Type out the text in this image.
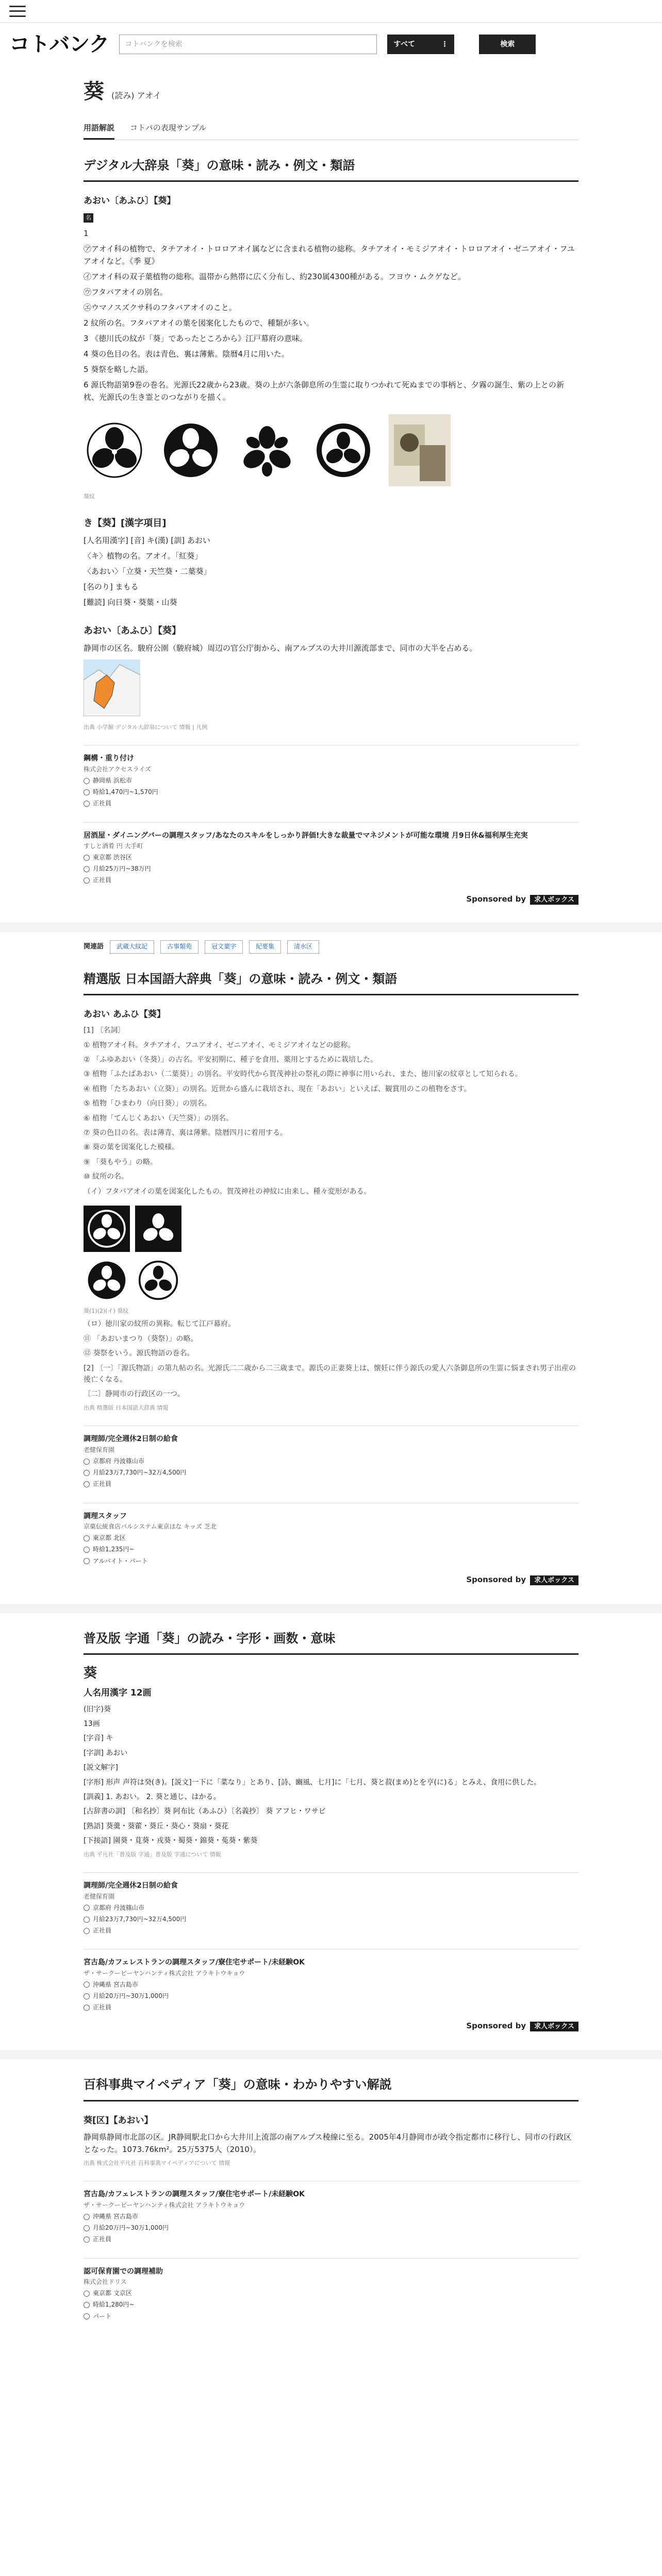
コトバンク	コトバンクを検索	すべて	⋮	検索
葵 (読み) アオイ
用語解説 コトバの表現サンプル
デジタル大辞泉「葵」の意味・読み・例文・類語
あおい〔あふひ〕【葵】
名
1
㋐アオイ科の植物で、タチアオイ・トロロアオイ属などに含まれる植物の総称。タチアオイ・モミジアオイ・トロロアオイ・ゼニアオイ・フユアオイなど。《季 夏》
㋑アオイ科の双子葉植物の総称。温帯から熱帯に広く分布し、約230属4300種がある。フヨウ・ムクゲなど。
㋒フタバアオイの別名。
㋓ウマノスズクサ科のフタバアオイのこと。
2 紋所の名。フタバアオイの葉を図案化したもので、種類が多い。
3 《徳川氏の紋が「葵」であったところから》江戸幕府の意味。
4 葵の色目の名。表は青色、裏は薄紫。陰暦4月に用いた。
5 葵祭を略した語。
6 源氏物語第9巻の巻名。光源氏22歳から23歳。葵の上が六条御息所の生霊に取りつかれて死ぬまでの事柄と、夕霧の誕生、紫の上との新枕、光源氏の生き霊とのつながりを描く。
葵紋
き【葵】[漢字項目]
[人名用漢字] [音] キ(漢) [訓] あおい
〈キ〉植物の名。アオイ。「紅葵」
〈あおい〉「立葵・天竺葵・二葉葵」
[名のり] まもる
[難読] 向日葵・葵葉・山葵
あおい〔あふひ〕【葵】
静岡市の区名。駿府公園（駿府城）周辺の官公庁街から、南アルプスの大井川源流部まで、同市の大半を占める。
出典 小学館 デジタル大辞泉について 情報 | 凡例
鋼構・重り付け
株式会社アクセスライズ
静岡県 浜松市
時給1,470円~1,570円
正社員
居酒屋・ダイニングバーの調理スタッフ/あなたのスキルをしっかり評価!大きな裁量でマネジメントが可能な環境 月9日休&福利厚生充実
すしと酒肴 円 大手町
東京都 渋谷区
月給25万円~38万円
正社員
Sponsored by 求人ボックス
関連語	武蔵大紋記	古事類苑	冠文葉字	紀要集	清水区
精選版 日本国語大辞典「葵」の意味・読み・例文・類語
あおい あふひ【葵】
[1] 〔名詞〕
① 植物アオイ科。タチアオイ、フユアオイ、ゼニアオイ、モミジアオイなどの総称。
② 「ふゆあおい（冬葵）」の古名。平安初期に、種子を食用、薬用とするために栽培した。
③ 植物「ふたばあおい（二葉葵）」の別名。平安時代から賀茂神社の祭礼の際に神事に用いられ、また、徳川家の紋章として知られる。
④ 植物「たちあおい（立葵）」の別名。近世から盛んに栽培され、現在「あおい」といえば、観賞用のこの植物をさす。
⑤ 植物「ひまわり（向日葵）」の別名。
⑥ 植物「てんじくあおい（天竺葵）」の別名。
⑦ 葵の色目の名。表は薄青、裏は薄紫。陰暦四月に着用する。
⑧ 葵の葉を図案化した模様。
⑨ 「葵もやう」の略。
⑩ 紋所の名。
（イ）フタバアオイの葉を図案化したもの。賀茂神社の神紋に由来し、種々変形がある。
葵(1)(2)(イ) 葵紋
（ロ）徳川家の紋所の異称。転じて江戸幕府。
⑪ 「あおいまつり（葵祭）」の略。
⑫ 葵祭をいう。源氏物語の巻名。
[2] 〔一〕「源氏物語」の第九帖の名。光源氏二二歳から二三歳まで。源氏の正妻葵上は、懐妊に伴う源氏の愛人六条御息所の生霊に悩まされ男子出産の後亡くなる。
〔二〕静岡市の行政区の一つ。
出典 精選版 日本国語大辞典 情報
調理師/完全週休2日制の給食
老健保育園
京都府 丹波篠山市
月給23万7,730円~32万4,500円
正社員
調理スタッフ
京菓伝統食店パルシステム東京ほな キッズ 芝北
東京都 北区
時給1,235円~
アルバイト・パート
Sponsored by 求人ボックス
普及版 字通「葵」の読み・字形・画数・意味
葵
人名用漢字 12画
(旧字)葵
13画
[字音] キ
[字訓] あおい
[説文解字]
[字形] 形声 声符は癸(き)。[説文]一下に「菜なり」とあり、[詩、豳風、七月]に「七月、葵と菽(まめ)とを亨(に)る」とみえ、食用に供した。
[訓義] 1. あおい。 2. 葵と通じ、はかる。
[古辞書の訓] 〔和名抄〕葵 阿布比（あふひ）〔名義抄〕 葵 アフヒ・ワサビ
[熟語] 葵羹・葵藿・葵丘・葵心・葵扇・葵花
[下接語] 園葵・莧葵・戎葵・蜀葵・錦葵・菟葵・紫葵
出典 平凡社「普及版 字通」普及版 字通について 情報
調理師/完全週休2日制の給食
老健保育園
京都府 丹波篠山市
月給23万7,730円~32万4,500円
正社員
宮古島/カフェレストランの調理スタッフ/寮住宅サポート/未経験OK
ザ・サークービーヤンハンティ株式会社 アラキトウキョウ
沖縄県 宮古島市
月給20万円~30万1,000円
正社員
Sponsored by 求人ボックス
百科事典マイペディア「葵」の意味・わかりやすい解説
葵[区]【あおい】
静岡県静岡市北部の区。JR静岡駅北口から大井川上流部の南アルプス稜線に至る。2005年4月静岡市が政令指定都市に移行し、同市の行政区となった。1073.76km²。25万5375人（2010）。
出典 株式会社平凡社 百科事典マイペディアについて 情報
宮古島/カフェレストランの調理スタッフ/寮住宅サポート/未経験OK
ザ・サークービーヤンハンティ株式会社 アラキトウキョウ
沖縄県 宮古島市
月給20万円~30万1,000円
正社員
認可保育園での調理補助
株式会社ドリス
東京都 文京区
時給1,280円~
パート
